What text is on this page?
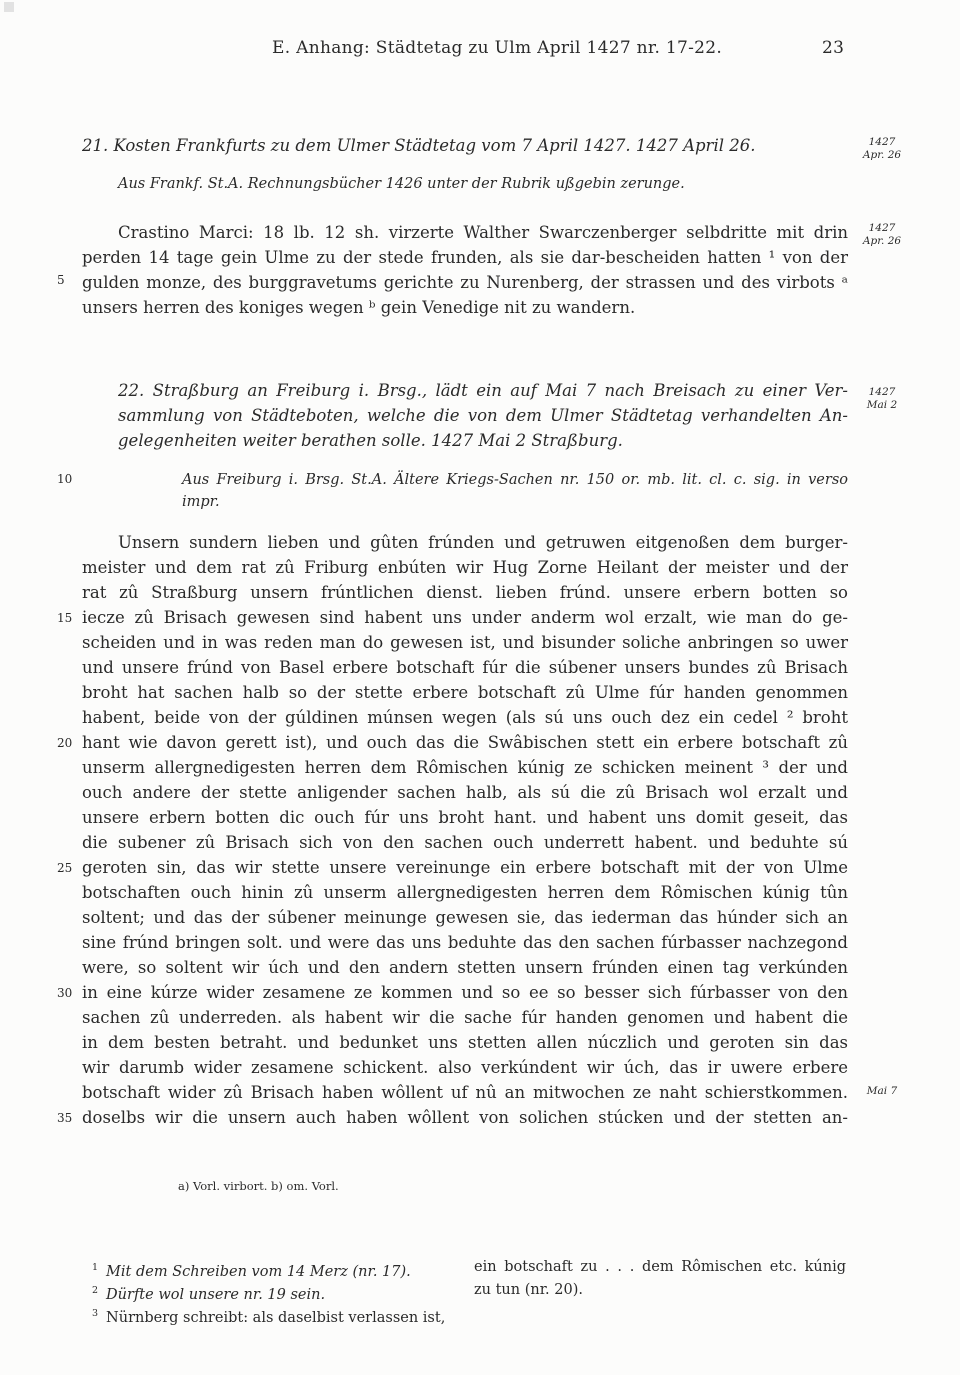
E. Anhang: Städtetag zu Ulm April 1427 nr. 17-22.	23
21. Kosten Frankfurts zu dem Ulmer Städtetag vom 7 April 1427. 1427 April 26.	1427
Apr. 26
Aus Frankf. St.A. Rechnungsbücher 1426 unter der Rubrik ußgebin zerunge.
Crastino Marci: 18 lb. 12 sh. virzerte Walther Swarczenberger selbdritte mit drin
perden 14 tage gein Ulme zu der stede frunden, als sie dar-bescheiden hatten ¹ von der
gulden monze, des burggravetums gerichte zu Nurenberg, der strassen und des virbots ᵃ
unsers herren des koniges wegen ᵇ gein Venedige nit zu wandern.
1427
Apr. 26
5
22. Straßburg an Freiburg i. Brsg., lädt ein auf Mai 7 nach Breisach zu einer Ver-
sammlung von Städteboten, welche die von dem Ulmer Städtetag verhandelten An-
gelegenheiten weiter berathen solle. 1427 Mai 2 Straßburg.
1427
Mai 2
Aus Freiburg i. Brsg. St.A. Ältere Kriegs-Sachen nr. 150 or. mb. lit. cl. c. sig. in verso
impr.
10
Unsern sundern lieben und gûten frúnden und getruwen eitgenoßen dem burger-
meister und dem rat zû Friburg enbúten wir Hug Zorne Heilant der meister und der
rat zû Straßburg unsern frúntlichen dienst. lieben frúnd. unsere erbern botten so
iecze zû Brisach gewesen sind habent uns under anderm wol erzalt, wie man do ge-
scheiden und in was reden man do gewesen ist, und bisunder soliche anbringen so uwer
und unsere frúnd von Basel erbere botschaft fúr die súbener unsers bundes zû Brisach
broht hat sachen halb so der stette erbere botschaft zû Ulme fúr handen genommen
habent, beide von der gúldinen múnsen wegen (als sú uns ouch dez ein cedel ² broht
hant wie davon gerett ist), und ouch das die Swâbischen stett ein erbere botschaft zû
unserm allergnedigesten herren dem Rômischen kúnig ze schicken meinent ³ der und
ouch andere der stette anligender sachen halb, als sú die zû Brisach wol erzalt und
unsere erbern botten dic ouch fúr uns broht hant. und habent uns domit geseit, das
die subener zû Brisach sich von den sachen ouch underrett habent. und beduhte sú
geroten sin, das wir stette unsere vereinunge ein erbere botschaft mit der von Ulme
botschaften ouch hinin zû unserm allergnedigesten herren dem Rômischen kúnig tûn
soltent; und das der súbener meinunge gewesen sie, das iederman das húnder sich an
sine frúnd bringen solt. und were das uns beduhte das den sachen fúrbasser nachzegond
were, so soltent wir úch und den andern stetten unsern frúnden einen tag verkúnden
in eine kúrze wider zesamene ze kommen und so ee so besser sich fúrbasser von den
sachen zû underreden. als habent wir die sache fúr handen genomen und habent die
in dem besten betraht. und bedunket uns stetten allen núczlich und geroten sin das
wir darumb wider zesamene schickent. also verkúndent wir úch, das ir uwere erbere
botschaft wider zû Brisach haben wôllent uf nû an mitwochen ze naht schierstkommen.
doselbs wir die unsern auch haben wôllent von solichen stúcken und der stetten an-
Mai 7
15
20
25
30
35
a) Vorl. virbort. b) om. Vorl.
$^1$ Mit dem Schreiben vom 14 Merz (nr. 17).
$^2$ Dürfte wol unsere nr. 19 sein.
$^3$ Nürnberg schreibt: als daselbist verlassen ist,
ein botschaft zu . . . dem Rômischen etc. kúnig
zu tun (nr. 20).
